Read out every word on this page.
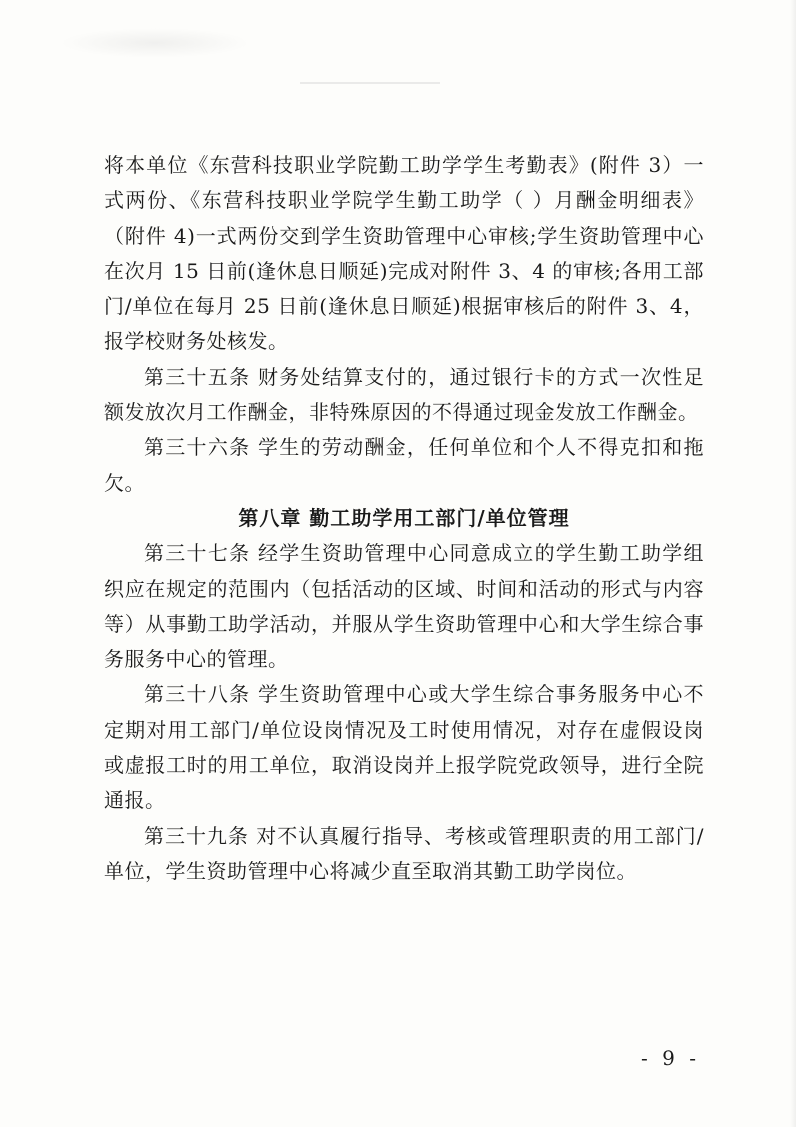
将本单位《东营科技职业学院勤工助学学生考勤表》(附件 3）一式两份、《东营科技职业学院学生勤工助学（ ）月酬金明细表》（附件 4)一式两份交到学生资助管理中心审核;学生资助管理中心在次月 15 日前(逢休息日顺延)完成对附件 3、4 的审核;各用工部门/单位在每月 25 日前(逢休息日顺延)根据审核后的附件 3、4，报学校财务处核发。

第三十五条 财务处结算支付的，通过银行卡的方式一次性足额发放次月工作酬金，非特殊原因的不得通过现金发放工作酬金。

第三十六条 学生的劳动酬金，任何单位和个人不得克扣和拖欠。

第八章 勤工助学用工部门/单位管理

第三十七条 经学生资助管理中心同意成立的学生勤工助学组织应在规定的范围内（包括活动的区域、时间和活动的形式与内容等）从事勤工助学活动，并服从学生资助管理中心和大学生综合事务服务中心的管理。

第三十八条 学生资助管理中心或大学生综合事务服务中心不定期对用工部门/单位设岗情况及工时使用情况，对存在虚假设岗或虚报工时的用工单位，取消设岗并上报学院党政领导，进行全院通报。

第三十九条 对不认真履行指导、考核或管理职责的用工部门/单位，学生资助管理中心将减少直至取消其勤工助学岗位。

- 9 -
